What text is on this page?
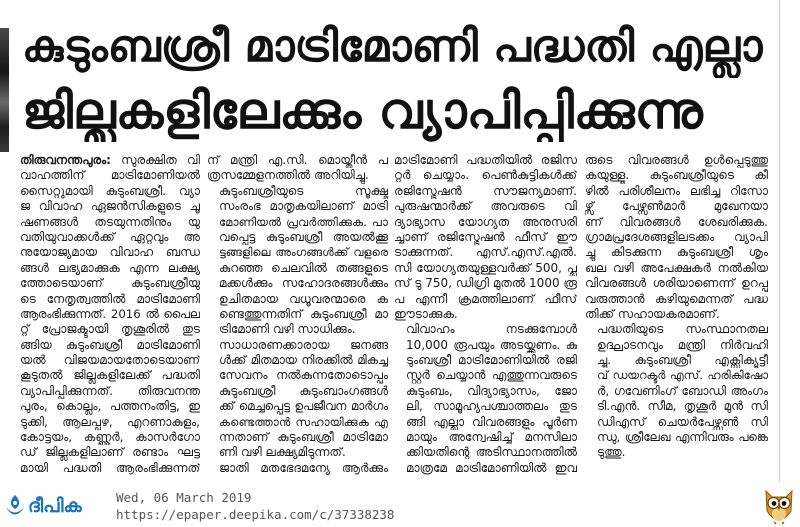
കുടുംബശ്രീ മാട്രിമോണി പദ്ധതി എല്ലാ
ജില്ലകളിലേക്കും വ്യാപിപ്പിക്കുന്നു
തിരുവനന്തപുരം: സുരക്ഷിത വി
വാഹത്തിന് മാട്രിമോണിയൽ
സൈറ്റുമായി കുടുംബശ്രീ. വ്യാ
ജ വിവാഹ ഏജൻസികളുടെ ചൂ
ഷണങ്ങൾ തടയുന്നതിനും യു
വതിയുവാക്കൾക്ക് ഏറ്റവും അ
നുയോജ്യമായ വിവാഹ ബന്ധ
ങ്ങൾ ലഭ്യമാക്കുക എന്ന ലക്ഷ്യ
ത്തോടെയാണ് കുടുംബശ്രീയു
ടെ നേതൃത്വത്തിൽ മാട്രിമോണി
ആരംഭിക്കുന്നത്. 2016 ൽ പൈല
റ്റ് പ്രോജക്ടായി തൃശൂരിൽ തുട
ങ്ങിയ കുടുംബശ്രീ മാട്രിമോണി
യൽ വിജയമായതോടെയാണ്
കൂടുതൽ ജില്ലകളിലേക്ക് പദ്ധതി
വ്യാപിപ്പിക്കുന്നത്. തിരുവനന്ത
പുരം, കൊല്ലം, പത്തനംതിട്ട, ഇ
ടുക്കി, ആലപ്പുഴ, എറണാകുളം,
കോട്ടയം, കണ്ണൂർ, കാസർഗോ
ഡ് ജില്ലകളിലാണ് രണ്ടാം ഘട്ട
മായി പദ്ധതി ആരംഭിക്കുന്നത്
ന് മന്ത്രി എ.സി. മൊയ്തീൻ പ
ത്രസമ്മേളനത്തിൽ അറിയിച്ചു.
കുടുംബശ്രീയുടെ സൂക്ഷ്മ
സംരംഭ മാതൃകയിലാണ് മാട്രി
മോണിയൽ പ്രവർത്തിക്കുക. പാ
വപ്പെട്ട കുടുംബശ്രീ അയൽക്കൂ
ട്ടങ്ങളിലെ അംഗങ്ങൾക്ക് വളരെ
കുറഞ്ഞ ചെലവിൽ തങ്ങളുടെ
മക്കൾക്കും സഹോദരങ്ങൾക്കും
ഉചിതമായ വധൂവരന്മാരെ ക
ണ്ടെത്തുന്നതിന് കുടുംബശ്രീ മാ
ട്രിമോണി വഴി സാധിക്കും.
സാധാരണക്കാരായ ജനങ്ങ
ൾക്ക് മിതമായ നിരക്കിൽ മികച്ച
സേവനം നൽകുന്നതോടൊപ്പം
കുടുംബശ്രീ കുടുംബാംഗങ്ങൾ
ക്ക് മെച്ചപ്പെട്ട ഉപജീവന മാർഗം
കണ്ടെത്താൻ സഹായിക്കുക എ
ന്നതാണ് കുടുംബശ്രീ മാട്രിമോ
ണി വഴി ലക്ഷ്യമിടുന്നത്.
ജാതി മതഭേദമന്യേ ആർക്കും
മാട്രിമോണി പദ്ധതിയിൽ രജിസ
റ്റർ ചെയ്യാം. പെൺകുട്ടികൾക്ക്
രജിസ്ട്രേഷൻ സൗജന്യമാണ്.
പുരുഷന്മാർക്ക് അവരുടെ വി
ദ്യാഭ്യാസ യോഗ്യത അനുസരി
ച്ചാണ് രജിസ്ട്രേഷൻ ഫീസ് ഈ
ടാക്കുന്നത്. എസ്.എസ്.എൽ.
സി യോഗ്യതയുള്ളവർക്ക് 500, പ്ല
സ് ടു 750, ഡിഗ്രി മുതൽ 1000 രൂ
പ എന്നീ ക്രമത്തിലാണ് ഫീസ്
ഈടാക്കുക.
വിവാഹം നടക്കുമ്പോൾ
10,000 രൂപയും അടയ്ക്കണം. കു
ടുംബശ്രീ മാട്രിമോണിയിൽ രജി
സ്റ്റർ ചെയ്യാൻ എത്തുന്നവരുടെ
കുടുംബം, വിദ്യാഭ്യാസം, ജോ
ലി, സാമൂഹ്യപശ്ചാത്തലം തുട
ങ്ങി എല്ലാ വിവരങ്ങളും പൂർണ
മായും അന്വേഷിച്ച് മനസിലാ
ക്കിയതിന്റെ അടിസ്ഥാനത്തിൽ
മാത്രമേ മാട്രിമോണിയിൽ ഇവ
രുടെ വിവരങ്ങൾ ഉൾപ്പെടുത്തു
കയുള്ളൂ. കുടുംബശ്രീയുടെ കീ
ഴിൽ പരിശീലനം ലഭിച്ച റിസോ
ഴ്സ് പേഴ്സൺമാർ മുഖേനയാ
ണ് വിവരങ്ങൾ ശേഖരിക്കുക.
ഗ്രാമപ്രദേശങ്ങളിലടക്കം വ്യാപി
ച്ചു കിടക്കുന്ന കുടുംബശ്രീ ശൃം
ഖല വഴി അപേക്ഷകർ നൽകിയ
വിവരങ്ങൾ ശരിയാണെന്ന് ഉറപ്പു
വരുത്താൻ കഴിയുമെന്നത് പദ്ധ
തിക്ക് സഹായകരമാണ്.
പദ്ധതിയുടെ സംസ്ഥാനതല
ഉദ്ഘാടനവും മന്ത്രി നിർവഹി
ച്ചു. കുടുംബശ്രീ എക്സിക്യൂട്ടീ
വ് ഡയറക്ടർ എസ്. ഹരികിഷോ
ർ, ഗവേണിംഗ് ബോഡി അംഗം
ടി.എൻ. സീമ, തൃശൂർ മുൻ സി
ഡിഎസ് ചെയർപേഴ്സൺ സി
ന്ധു, ശ്രീലേഖ എന്നിവരും പങ്കെ
ടുത്തു.
ദീപിക	Wed, 06 March 2019
https://epaper.deepika.com/c/37338238
